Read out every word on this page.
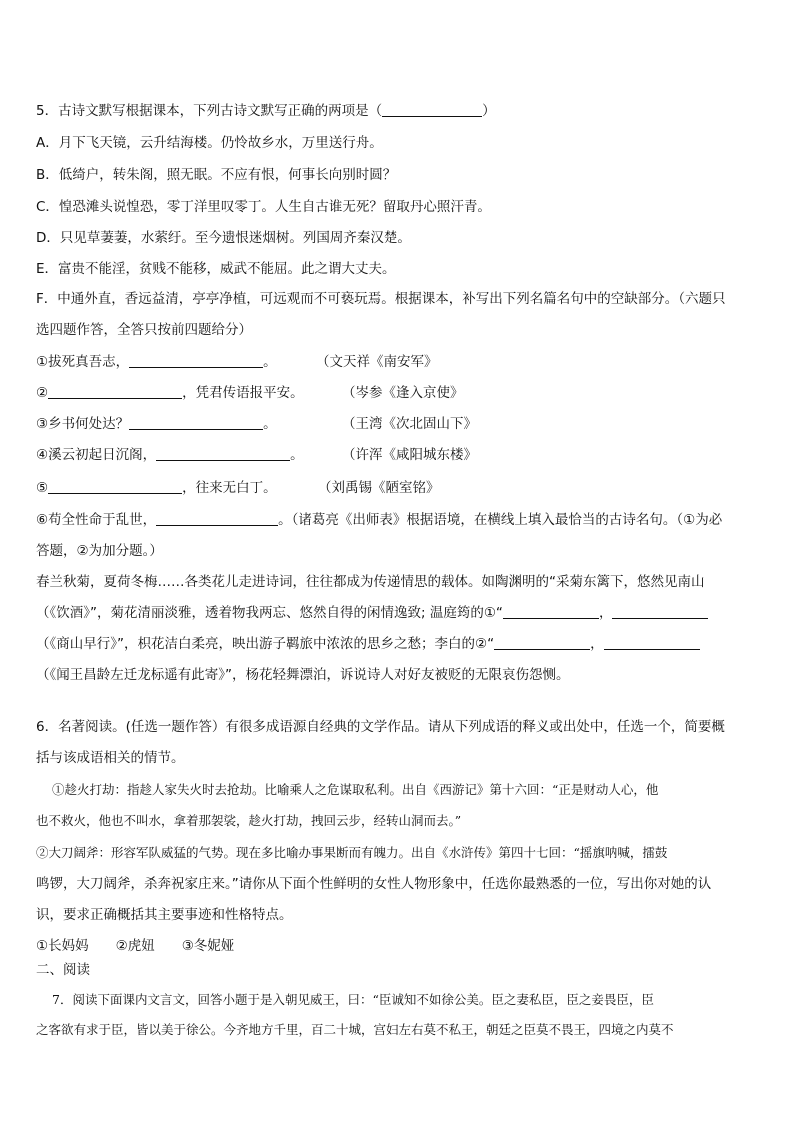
5．古诗文默写根据课本，下列古诗文默写正确的两项是（	）
A．月下飞天镜，云升结海楼。仍怜故乡水，万里送行舟。
B．低绮户，转朱阁，照无眠。不应有恨，何事长向别时圆？
C．惶恐滩头说惶恐，零丁洋里叹零丁。人生自古谁无死？留取丹心照汗青。
D．只见草萋萋，水萦纡。至今遗恨迷烟树。列国周齐秦汉楚。
E．富贵不能淫，贫贱不能移，威武不能屈。此之谓大丈夫。
F．中通外直，香远益清，亭亭净植，可远观而不可亵玩焉。根据课本，补写出下列名篇名句中的空缺部分。（六题只
选四题作答，全答只按前四题给分）
①拔死真吾志，	。	（文天祥《南安军》
②	，凭君传语报平安。	（岑参《逢入京使》
③乡书何处达？	。	（王湾《次北固山下》
④溪云初起日沉阁，	。	（许浑《咸阳城东楼》
⑤	，往来无白丁。	（刘禹锡《陋室铭》
⑥苟全性命于乱世，	。（诸葛亮《出师表》根据语境，在横线上填入最恰当的古诗名句。（①为必
答题，②为加分题。）
春兰秋菊，夏荷冬梅……各类花儿走进诗词，往往都成为传递情思的载体。如陶渊明的“采菊东篱下，悠然见南山
（《饮酒》”，菊花清丽淡雅，透着物我两忘、悠然自得的闲情逸致; 温庭筠的①“	，
（《商山早行》”，枳花洁白柔亮，映出游子羁旅中浓浓的思乡之愁；李白的②“	，
（《闻王昌龄左迁龙标遥有此寄》”，杨花轻舞漂泊，诉说诗人对好友被贬的无限哀伤怨恻。
6．名著阅读。(任选一题作答）有很多成语源自经典的文学作品。请从下列成语的释义或出处中，任选一个，简要概
括与该成语相关的情节。
①趁火打劫：指趁人家失火时去抢劫。比喻乘人之危谋取私利。出自《西游记》第十六回：“正是财动人心，他
也不救火，他也不叫水，拿着那袈裟，趁火打劫，拽回云步，经转山洞而去。”
②大刀阔斧：形容军队威猛的气势。现在多比喻办事果断而有魄力。出自《水浒传》第四十七回：“摇旗呐喊，擂鼓
鸣锣，大刀阔斧，杀奔祝家庄来。”请你从下面个性鲜明的女性人物形象中，任选你最熟悉的一位，写出你对她的认
识，要求正确概括其主要事迹和性格特点。
①长妈妈　　②虎妞　　③冬妮娅
二、阅读
7．阅读下面课内文言文，回答小题于是入朝见威王，曰：“臣诚知不如徐公美。臣之妻私臣，臣之妾畏臣，臣
之客欲有求于臣，皆以美于徐公。今齐地方千里，百二十城，宫妇左右莫不私王，朝廷之臣莫不畏王，四境之内莫不
